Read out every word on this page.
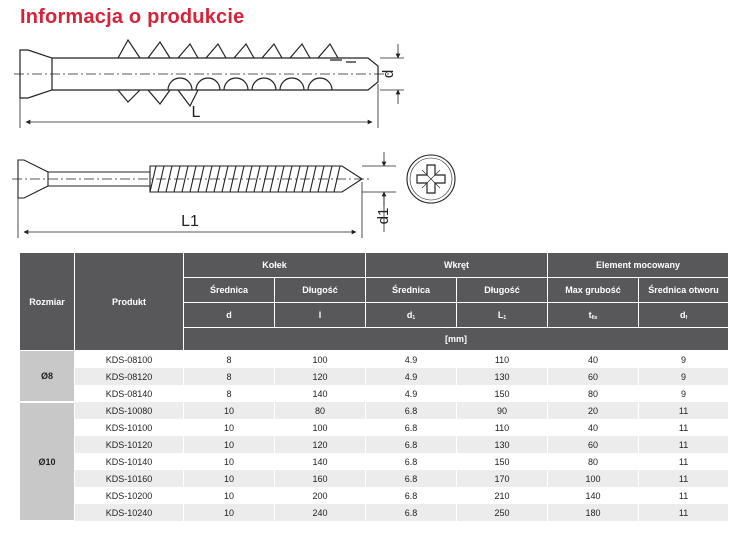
Informacja o produkcie
d
L
d1
L1
Rozmiar	Produkt	Kołek		Wkręt		Element mocowany	
		Średnica	Długość	Średnica	Długość	Max grubość	Średnica otworu
		d	l	$d_1$	$L_1$	$t_{fix}$	$d_f$
		[mm]					
Ø8	KDS-08100	8	100	4.9	110	40	9
	KDS-08120	8	120	4.9	130	60	9
	KDS-08140	8	140	4.9	150	80	9
Ø10	KDS-10080	10	80	6.8	90	20	11
	KDS-10100	10	100	6.8	110	40	11
	KDS-10120	10	120	6.8	130	60	11
	KDS-10140	10	140	6.8	150	80	11
	KDS-10160	10	160	6.8	170	100	11
	KDS-10200	10	200	6.8	210	140	11
	KDS-10240	10	240	6.8	250	180	11
